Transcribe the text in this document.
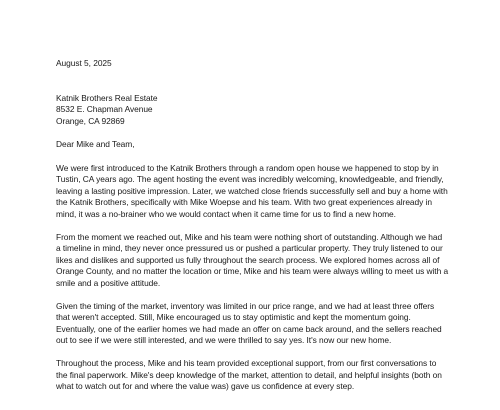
August 5, 2025
Katnik Brothers Real Estate
8532 E. Chapman Avenue
Orange, CA 92869
Dear Mike and Team,
We were first introduced to the Katnik Brothers through a random open house we happened to stop by in
Tustin, CA years ago. The agent hosting the event was incredibly welcoming, knowledgeable, and friendly,
leaving a lasting positive impression. Later, we watched close friends successfully sell and buy a home with
the Katnik Brothers, specifically with Mike Woepse and his team. With two great experiences already in
mind, it was a no-brainer who we would contact when it came time for us to find a new home.
From the moment we reached out, Mike and his team were nothing short of outstanding. Although we had
a timeline in mind, they never once pressured us or pushed a particular property. They truly listened to our
likes and dislikes and supported us fully throughout the search process. We explored homes across all of
Orange County, and no matter the location or time, Mike and his team were always willing to meet us with a
smile and a positive attitude.
Given the timing of the market, inventory was limited in our price range, and we had at least three offers
that weren't accepted. Still, Mike encouraged us to stay optimistic and kept the momentum going.
Eventually, one of the earlier homes we had made an offer on came back around, and the sellers reached
out to see if we were still interested, and we were thrilled to say yes. It's now our new home.
Throughout the process, Mike and his team provided exceptional support, from our first conversations to
the final paperwork. Mike's deep knowledge of the market, attention to detail, and helpful insights (both on
what to watch out for and where the value was) gave us confidence at every step.
